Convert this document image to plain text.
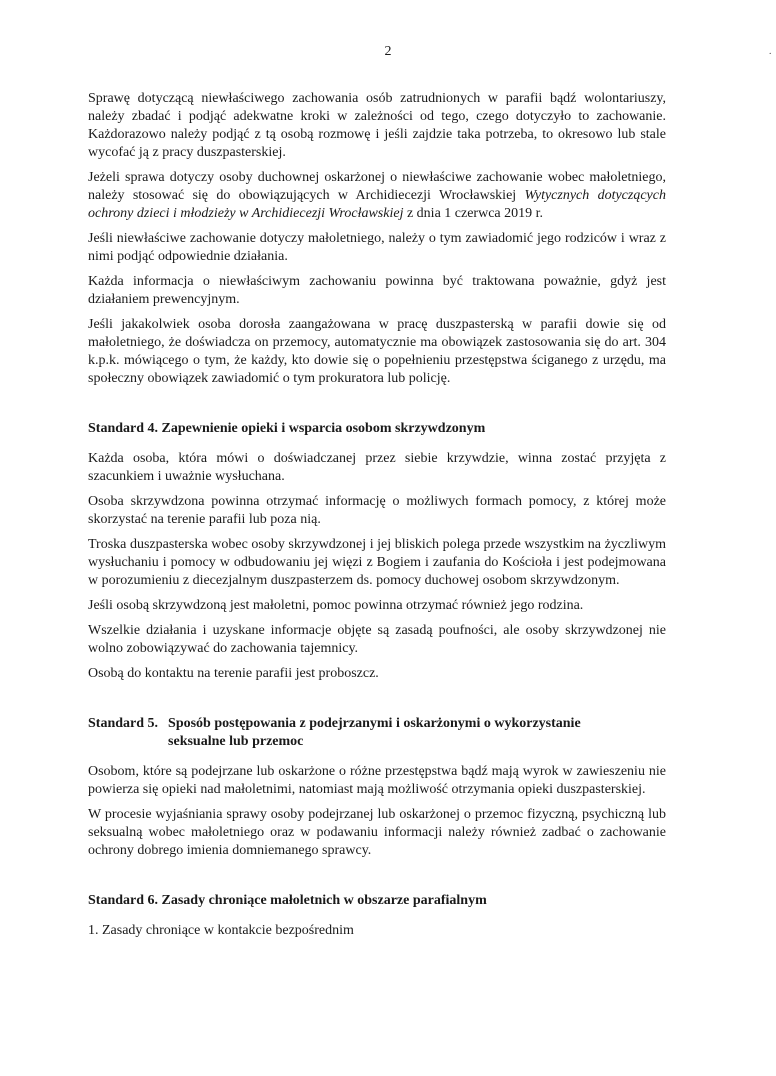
2	·

Sprawę dotyczącą niewłaściwego zachowania osób zatrudnionych w parafii bądź wolontariuszy, należy zbadać i podjąć adekwatne kroki w zależności od tego, czego dotyczyło to zachowanie. Każdorazowo należy podjąć z tą osobą rozmowę i jeśli zajdzie taka potrzeba, to okresowo lub stale wycofać ją z pracy duszpasterskiej.

Jeżeli sprawa dotyczy osoby duchownej oskarżonej o niewłaściwe zachowanie wobec małoletniego, należy stosować się do obowiązujących w Archidiecezji Wrocławskiej Wytycznych dotyczących ochrony dzieci i młodzieży w Archidiecezji Wrocławskiej z dnia 1 czerwca 2019 r.

Jeśli niewłaściwe zachowanie dotyczy małoletniego, należy o tym zawiadomić jego rodziców i wraz z nimi podjąć odpowiednie działania.

Każda informacja o niewłaściwym zachowaniu powinna być traktowana poważnie, gdyż jest działaniem prewencyjnym.

Jeśli jakakolwiek osoba dorosła zaangażowana w pracę duszpasterską w parafii dowie się od małoletniego, że doświadcza on przemocy, automatycznie ma obowiązek zastosowania się do art. 304 k.p.k. mówiącego o tym, że każdy, kto dowie się o popełnieniu przestępstwa ściganego z urzędu, ma społeczny obowiązek zawiadomić o tym prokuratora lub policję.

Standard 4. Zapewnienie opieki i wsparcia osobom skrzywdzonym

Każda osoba, która mówi o doświadczanej przez siebie krzywdzie, winna zostać przyjęta z szacunkiem i uważnie wysłuchana.

Osoba skrzywdzona powinna otrzymać informację o możliwych formach pomocy, z której może skorzystać na terenie parafii lub poza nią.

Troska duszpasterska wobec osoby skrzywdzonej i jej bliskich polega przede wszystkim na życzliwym wysłuchaniu i pomocy w odbudowaniu jej więzi z Bogiem i zaufania do Kościoła i jest podejmowana w porozumieniu z diecezjalnym duszpasterzem ds. pomocy duchowej osobom skrzywdzonym.

Jeśli osobą skrzywdzoną jest małoletni, pomoc powinna otrzymać również jego rodzina.

Wszelkie działania i uzyskane informacje objęte są zasadą poufności, ale osoby skrzywdzonej nie wolno zobowiązywać do zachowania tajemnicy.

Osobą do kontaktu na terenie parafii jest proboszcz.

Standard 5. Sposób postępowania z podejrzanymi i oskarżonymi o wykorzystanie
seksualne lub przemoc

Osobom, które są podejrzane lub oskarżone o różne przestępstwa bądź mają wyrok w zawieszeniu nie powierza się opieki nad małoletnimi, natomiast mają możliwość otrzymania opieki duszpasterskiej.

W procesie wyjaśniania sprawy osoby podejrzanej lub oskarżonej o przemoc fizyczną, psychiczną lub seksualną wobec małoletniego oraz w podawaniu informacji należy również zadbać o zachowanie ochrony dobrego imienia domniemanego sprawcy.

Standard 6. Zasady chroniące małoletnich w obszarze parafialnym

1. Zasady chroniące w kontakcie bezpośrednim
